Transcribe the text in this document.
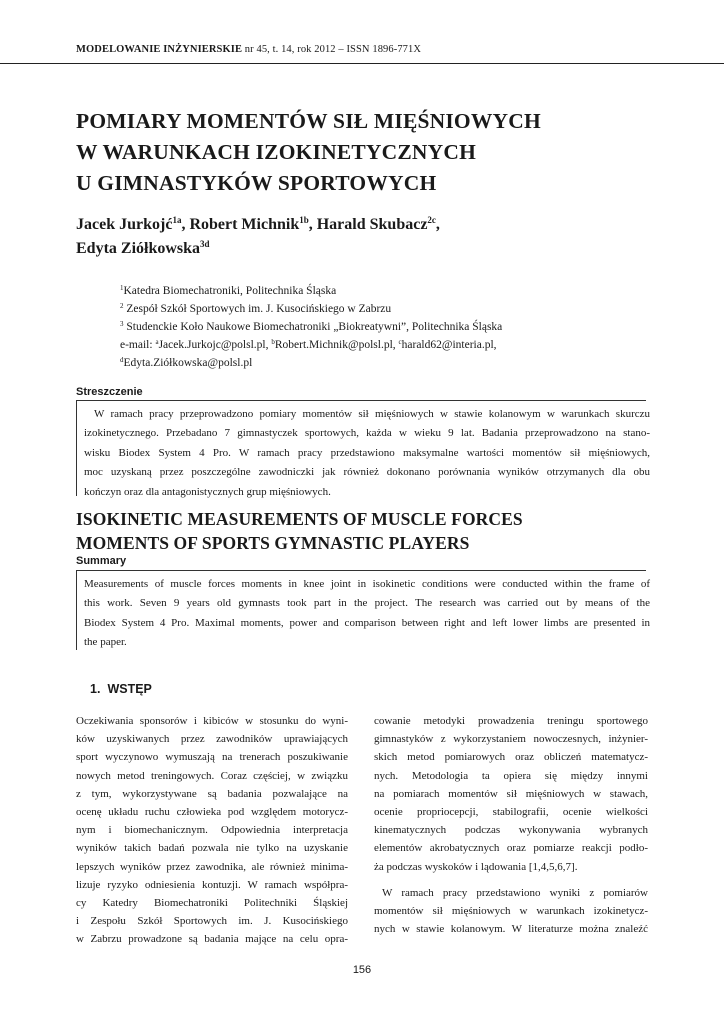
MODELOWANIE INŻYNIERSKIE nr 45, t. 14, rok 2012 – ISSN 1896-771X
POMIARY MOMENTÓW SIŁ MIĘŚNIOWYCH
W WARUNKACH IZOKINETYCZNYCH
U GIMNASTYKÓW SPORTOWYCH
Jacek Jurkojć$^{1a}$, Robert Michnik$^{1b}$, Harald Skubacz$^{2c}$,
Edyta Ziółkowska$^{3d}$
$^1$Katedra Biomechatroniki, Politechnika Śląska
$^2$ Zespół Szkół Sportowych im. J. Kusocińskiego w Zabrzu
$^3$ Studenckie Koło Naukowe Biomechatroniki „Biokreatywni”, Politechnika Śląska
e-mail: $^a$Jacek.Jurkojc@polsl.pl, $^b$Robert.Michnik@polsl.pl, $^c$harald62@interia.pl,
$^d$Edyta.Ziółkowska@polsl.pl
Streszczenie
W ramach pracy przeprowadzono pomiary momentów sił mięśniowych w stawie kolanowym w warunkach skurczu
izokinetycznego. Przebadano 7 gimnastyczek sportowych, każda w wieku 9 lat. Badania przeprowadzono na stano-
wisku Biodex System 4 Pro. W ramach pracy przedstawiono maksymalne wartości momentów sił mięśniowych,
moc uzyskaną przez poszczególne zawodniczki jak również dokonano porównania wyników otrzymanych dla obu
kończyn oraz dla antagonistycznych grup mięśniowych.
ISOKINETIC MEASUREMENTS OF MUSCLE FORCES
MOMENTS OF SPORTS GYMNASTIC PLAYERS
Summary
Measurements of muscle forces moments in knee joint in isokinetic conditions were conducted within the frame of
this work. Seven 9 years old gymnasts took part in the project. The research was carried out by means of the
Biodex System 4 Pro. Maximal moments, power and comparison between right and left lower limbs are presented in
the paper.
1. WSTĘP
Oczekiwania sponsorów i kibiców w stosunku do wyni-
ków uzyskiwanych przez zawodników uprawiających
sport wyczynowo wymuszają na trenerach poszukiwanie
nowych metod treningowych. Coraz częściej, w związku
z tym, wykorzystywane są badania pozwalające na
ocenę układu ruchu człowieka pod względem motorycz-
nym i biomechanicznym. Odpowiednia interpretacja
wyników takich badań pozwala nie tylko na uzyskanie
lepszych wyników przez zawodnika, ale również minima-
lizuje ryzyko odniesienia kontuzji. W ramach współpra-
cy Katedry Biomechatroniki Politechniki Śląskiej
i Zespołu Szkół Sportowych im. J. Kusocińskiego
w Zabrzu prowadzone są badania mające na celu opra-
cowanie metodyki prowadzenia treningu sportowego
gimnastyków z wykorzystaniem nowoczesnych, inżynier-
skich metod pomiarowych oraz obliczeń matematycz-
nych. Metodologia ta opiera się między innymi
na pomiarach momentów sił mięśniowych w stawach,
ocenie propriocepcji, stabilografii, ocenie wielkości
kinematycznych podczas wykonywania wybranych
elementów akrobatycznych oraz pomiarze reakcji podło-
ża podczas wyskoków i lądowania [1,4,5,6,7].
W ramach pracy przedstawiono wyniki z pomiarów
momentów sił mięśniowych w warunkach izokinetycz-
nych w stawie kolanowym. W literaturze można znaleźć
156
